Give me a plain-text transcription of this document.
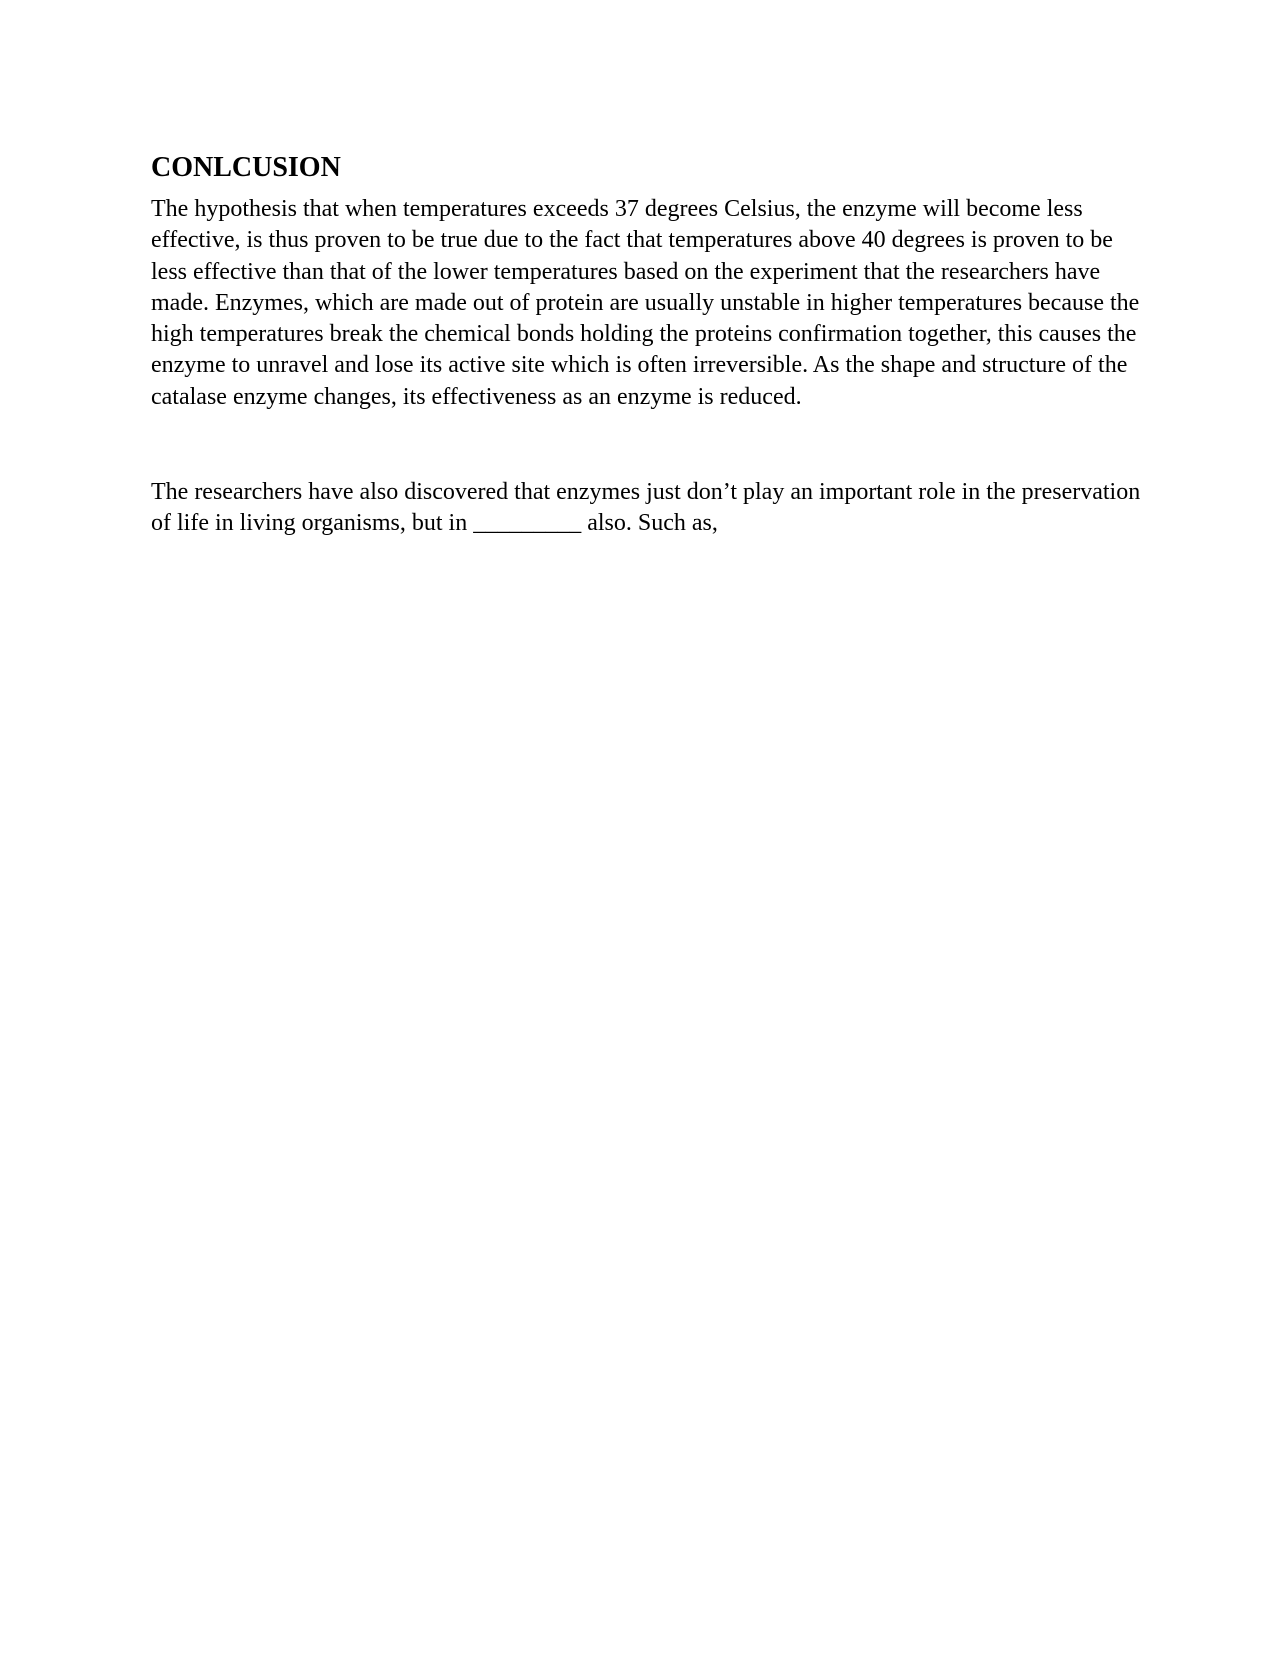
CONLCUSION

The hypothesis that when temperatures exceeds 37 degrees Celsius, the enzyme will become less effective, is thus proven to be true due to the fact that temperatures above 40 degrees is proven to be less effective than that of the lower temperatures based on the experiment that the researchers have made. Enzymes, which are made out of protein are usually unstable in higher temperatures because the high temperatures break the chemical bonds holding the proteins confirmation together, this causes the enzyme to unravel and lose its active site which is often irreversible. As the shape and structure of the catalase enzyme changes, its effectiveness as an enzyme is reduced.

The researchers have also discovered that enzymes just don’t play an important role in the preservation of life in living organisms, but in _________ also. Such as,
